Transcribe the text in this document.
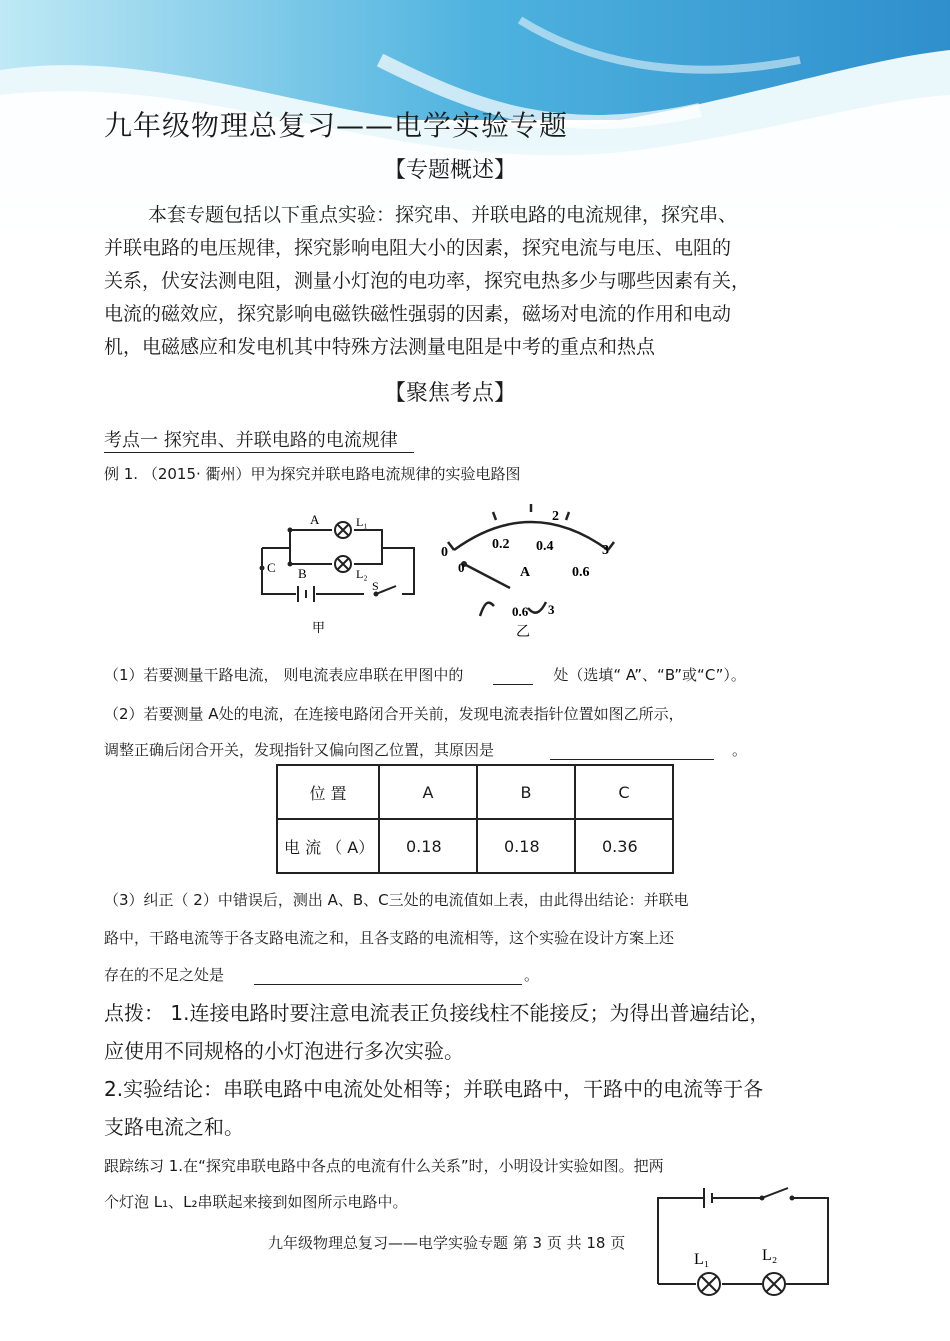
九年级物理总复习——电学实验专题
【专题概述】
本套专题包括以下重点实验：探究串、并联电路的电流规律，探究串、
并联电路的电压规律，探究影响电阻大小的因素，探究电流与电压、电阻的
关系，伏安法测电阻，测量小灯泡的电功率，探究电热多少与哪些因素有关，
电流的磁效应，探究影响电磁铁磁性强弱的因素，磁场对电流的作用和电动
机，电磁感应和发电机其中特殊方法测量电阻是中考的重点和热点
【聚焦考点】
考点一 探究串、并联电路的电流规律
例 1. （2015· 衢州）甲为探究并联电路电流规律的实验电路图
A
B
C
L₁
L₂
S
甲
0
0.2 0.4
2
3
0.6
A
0
0.6 3
乙
（1）若要测量干路电流， 则电流表应串联在甲图中的	处（选填“ A”、“B”或“C”）。
（2）若要测量 A处的电流，在连接电路闭合开关前，发现电流表指针位置如图乙所示，
调整正确后闭合开关，发现指针又偏向图乙位置，其原因是	。
位 置	A	B	C
电 流 （ A）	0.18	0.18	0.36
（3）纠正（ 2）中错误后，测出 A、B、C三处的电流值如上表，由此得出结论：并联电
路中，干路电流等于各支路电流之和，且各支路的电流相等，这个实验在设计方案上还
存在的不足之处是	。
点拨： 1.连接电路时要注意电流表正负接线柱不能接反；为得出普遍结论，
应使用不同规格的小灯泡进行多次实验。
2.实验结论：串联电路中电流处处相等；并联电路中，干路中的电流等于各
支路电流之和。
跟踪练习 1.在“探究串联电路中各点的电流有什么关系”时，小明设计实验如图。把两
个灯泡 L₁、L₂串联起来接到如图所示电路中。
九年级物理总复习——电学实验专题 第 3 页 共 18 页
L₁	L₂
